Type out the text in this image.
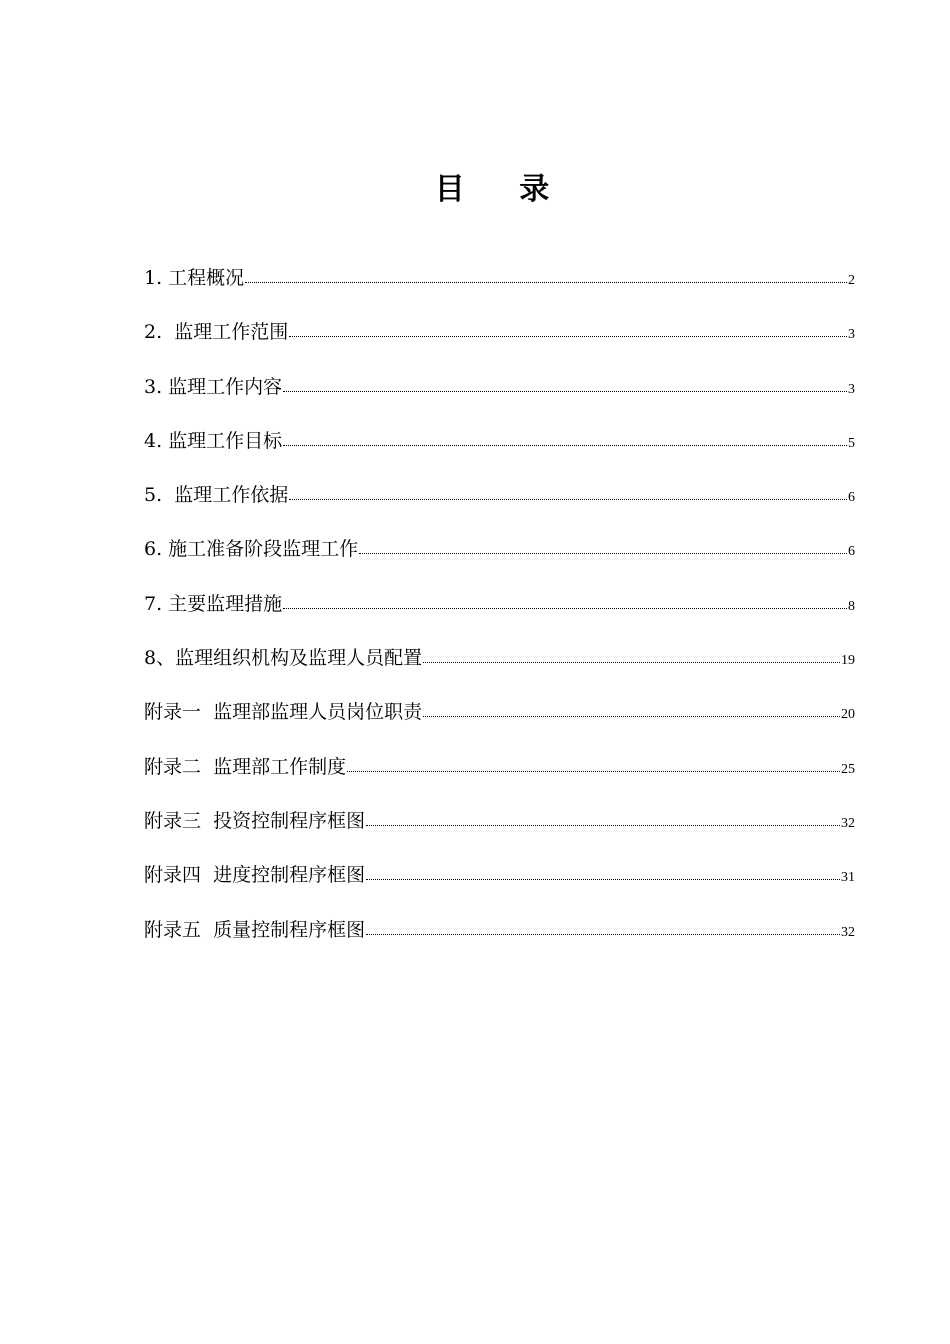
目 录
1. 工程概况	2
2.  监理工作范围	3
3. 监理工作内容	3
4. 监理工作目标	5
5.  监理工作依据	6
6. 施工准备阶段监理工作	6
7. 主要监理措施	8
8、监理组织机构及监理人员配置	19
附录一  监理部监理人员岗位职责	20
附录二  监理部工作制度	25
附录三  投资控制程序框图	32
附录四  进度控制程序框图	31
附录五  质量控制程序框图	32
